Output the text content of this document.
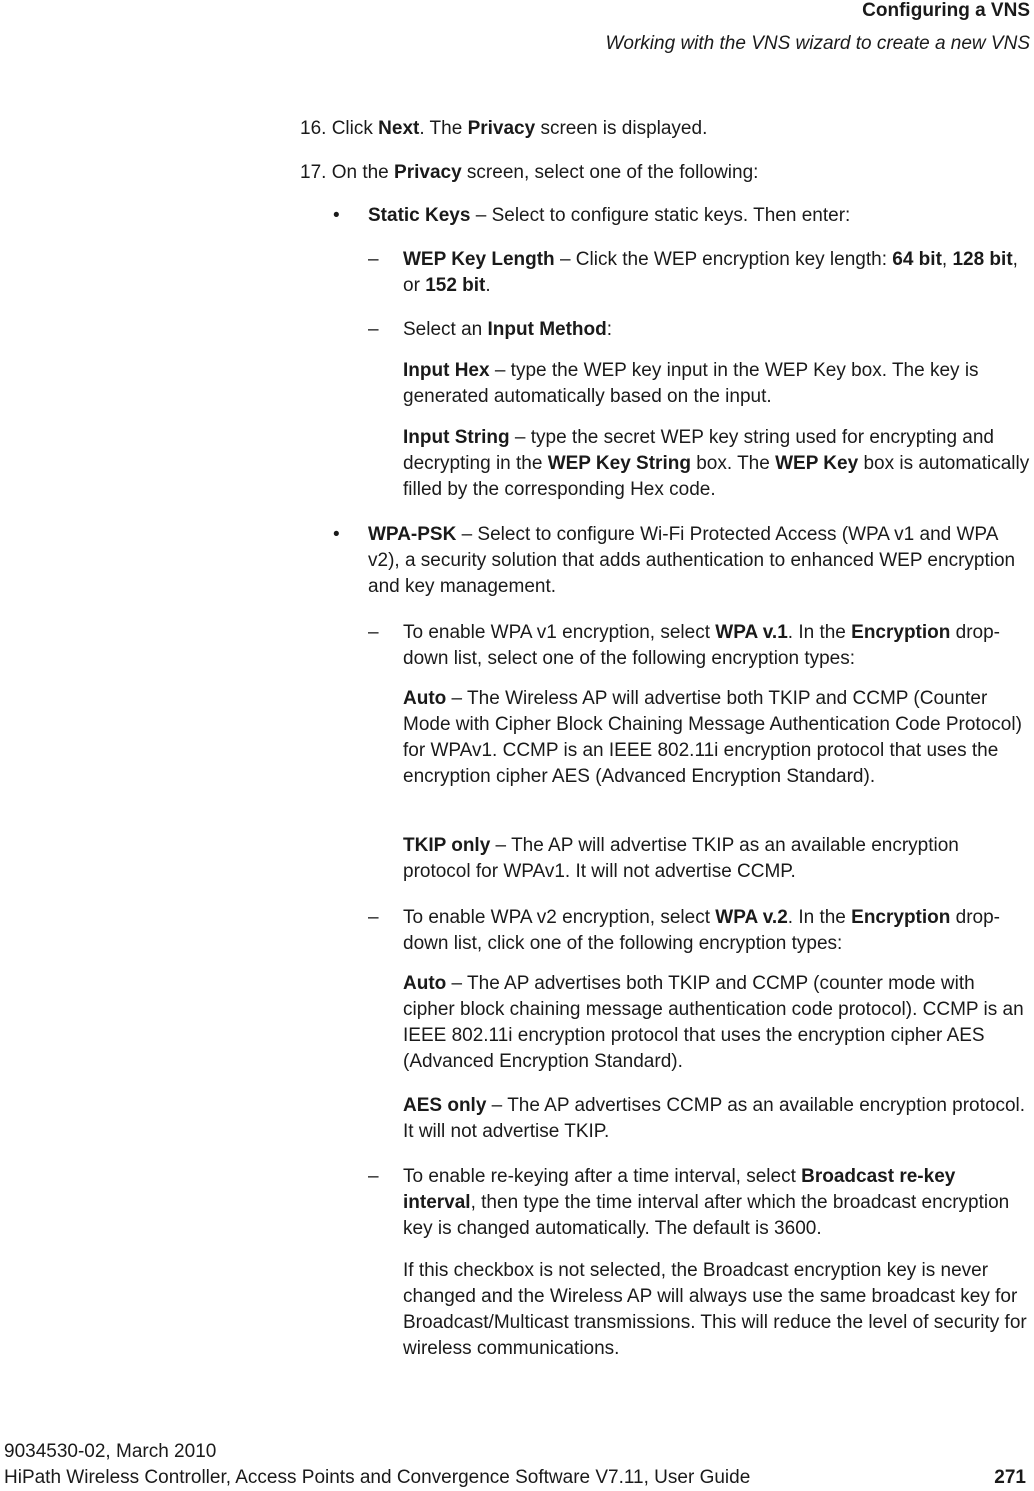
Configuring a VNS
Working with the VNS wizard to create a new VNS
16. Click Next. The Privacy screen is displayed.
17. On the Privacy screen, select one of the following:
• Static Keys – Select to configure static keys. Then enter:
– WEP Key Length – Click the WEP encryption key length: 64 bit, 128 bit, or 152 bit.
– Select an Input Method:
Input Hex – type the WEP key input in the WEP Key box. The key is generated automatically based on the input.
Input String – type the secret WEP key string used for encrypting and decrypting in the WEP Key String box. The WEP Key box is automatically filled by the corresponding Hex code.
• WPA-PSK – Select to configure Wi-Fi Protected Access (WPA v1 and WPA v2), a security solution that adds authentication to enhanced WEP encryption and key management.
– To enable WPA v1 encryption, select WPA v.1. In the Encryption drop-down list, select one of the following encryption types:
Auto – The Wireless AP will advertise both TKIP and CCMP (Counter Mode with Cipher Block Chaining Message Authentication Code Protocol) for WPAv1. CCMP is an IEEE 802.11i encryption protocol that uses the encryption cipher AES (Advanced Encryption Standard).
TKIP only – The AP will advertise TKIP as an available encryption protocol for WPAv1. It will not advertise CCMP.
– To enable WPA v2 encryption, select WPA v.2. In the Encryption drop-down list, click one of the following encryption types:
Auto – The AP advertises both TKIP and CCMP (counter mode with cipher block chaining message authentication code protocol). CCMP is an IEEE 802.11i encryption protocol that uses the encryption cipher AES (Advanced Encryption Standard).
AES only – The AP advertises CCMP as an available encryption protocol. It will not advertise TKIP.
– To enable re-keying after a time interval, select Broadcast re-key interval, then type the time interval after which the broadcast encryption key is changed automatically. The default is 3600.
If this checkbox is not selected, the Broadcast encryption key is never changed and the Wireless AP will always use the same broadcast key for Broadcast/Multicast transmissions. This will reduce the level of security for wireless communications.
9034530-02, March 2010
HiPath Wireless Controller, Access Points and Convergence Software V7.11, User Guide	271
